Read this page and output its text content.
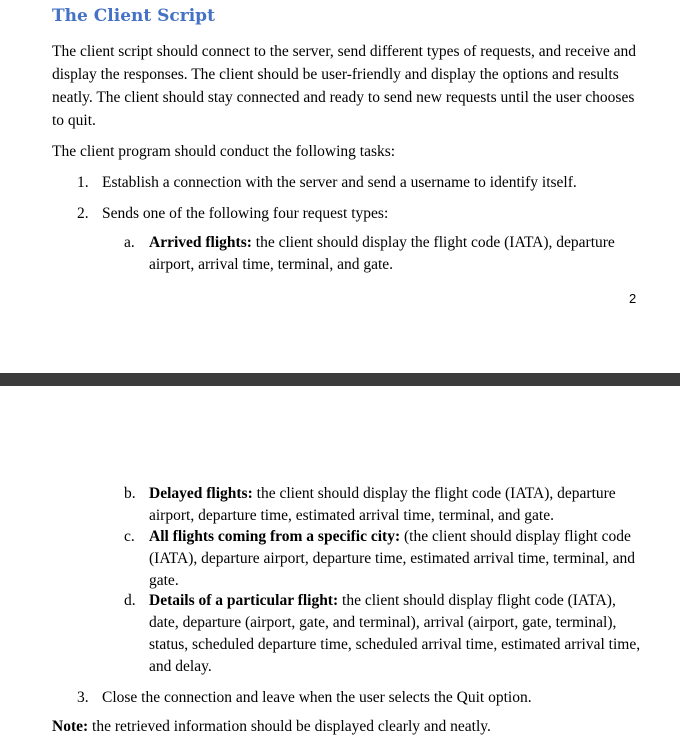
The Client Script
The client script should connect to the server, send different types of requests, and receive and display the responses. The client should be user-friendly and display the options and results neatly. The client should stay connected and ready to send new requests until the user chooses to quit.
The client program should conduct the following tasks:
1. Establish a connection with the server and send a username to identify itself.
2. Sends one of the following four request types:
a. Arrived flights: the client should display the flight code (IATA), departure airport, arrival time, terminal, and gate.
2
b. Delayed flights: the client should display the flight code (IATA), departure airport, departure time, estimated arrival time, terminal, and gate.
c. All flights coming from a specific city: (the client should display flight code (IATA), departure airport, departure time, estimated arrival time, terminal, and gate.
d. Details of a particular flight: the client should display flight code (IATA), date, departure (airport, gate, and terminal), arrival (airport, gate, terminal), status, scheduled departure time, scheduled arrival time, estimated arrival time, and delay.
3. Close the connection and leave when the user selects the Quit option.
Note: the retrieved information should be displayed clearly and neatly.
